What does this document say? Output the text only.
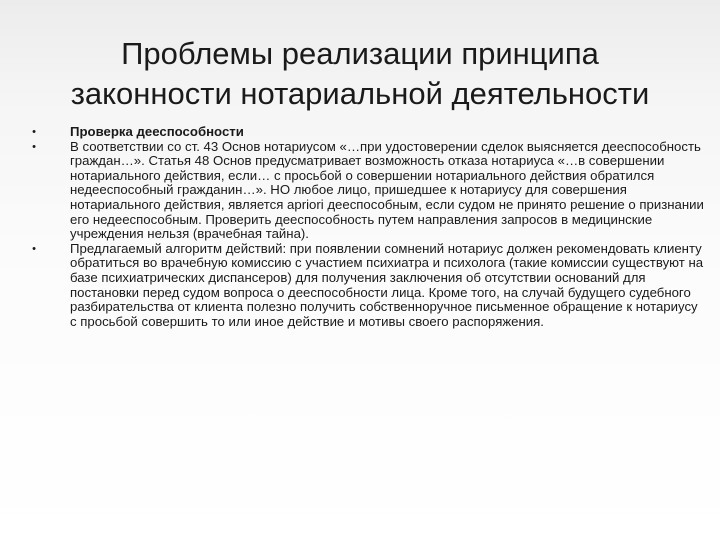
Проблемы реализации принципа
законности нотариальной деятельности
•	Проверка дееспособности
•	В соответствии со ст. 43 Основ нотариусом «…при удостоверении сделок выясняется дееспособность граждан…». Статья 48 Основ предусматривает возможность отказа нотариуса «…в совершении нотариального действия, если… с просьбой о совершении нотариального действия обратился недееспособный гражданин…». НО любое лицо, пришедшее к нотариусу для совершения нотариального действия, является apriori дееспособным, если судом не принято решение о признании его недееспособным. Проверить дееспособность путем направления запросов в медицинские учреждения нельзя (врачебная тайна).
•	Предлагаемый алгоритм действий: при появлении сомнений нотариус должен рекомендовать клиенту обратиться во врачебную комиссию с участием психиатра и психолога (такие комиссии существуют на базе психиатрических диспансеров) для получения заключения об отсутствии оснований для постановки перед судом вопроса о дееспособности лица. Кроме того, на случай будущего судебного разбирательства от клиента полезно получить собственноручное письменное обращение к нотариусу с просьбой совершить то или иное действие и мотивы своего распоряжения.
